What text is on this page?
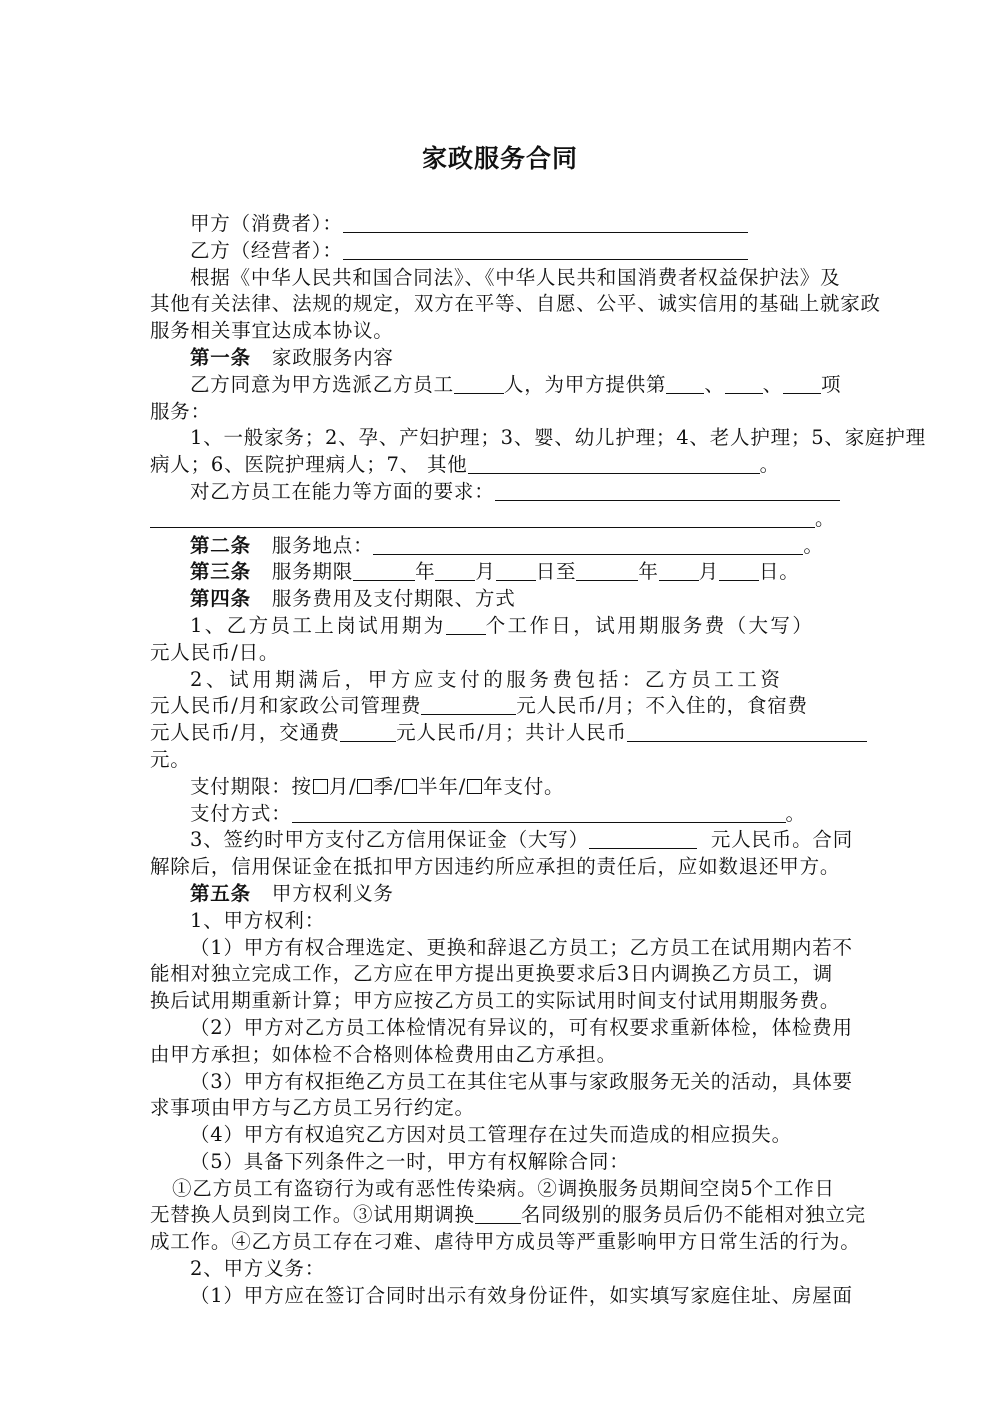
家政服务合同
甲方（消费者）：
乙方（经营者）：
根据《中华人民共和国合同法》、《中华人民共和国消费者权益保护法》及
其他有关法律、法规的规定，双方在平等、自愿、公平、诚实信用的基础上就家政
服务相关事宜达成本协议。
第一条 家政服务内容
乙方同意为甲方选派乙方员工	人，为甲方提供第 、 、 项
服务：
1、一般家务；2、孕、产妇护理；3、婴、幼儿护理；4、老人护理；5、家庭护理
病人；6、医院护理病人；7、 其他	。
对乙方员工在能力等方面的要求：
。
第二条 服务地点：	。
第三条 服务期限	年 月 日至	年 月 日。
第四条 服务费用及支付期限、方式
1、乙方员工上岗试用期为 个工作日，试用期服务费（大写）
元人民币/日。
2、试用期满后，甲方应支付的服务费包括：乙方员工工资
元人民币/月和家政公司管理费	元人民币/月；不入住的，食宿费
元人民币/月，交通费	元人民币/月；共计人民币
元。
支付期限：按 月/ 季/ 半年/ 年支付。
支付方式：	。
3、签约时甲方支付乙方信用保证金（大写）	元人民币。合同
解除后，信用保证金在抵扣甲方因违约所应承担的责任后，应如数退还甲方。
第五条 甲方权利义务
1、甲方权利：
（1）甲方有权合理选定、更换和辞退乙方员工；乙方员工在试用期内若不
能相对独立完成工作，乙方应在甲方提出更换要求后3日内调换乙方员工，调
换后试用期重新计算；甲方应按乙方员工的实际试用时间支付试用期服务费。
（2）甲方对乙方员工体检情况有异议的，可有权要求重新体检，体检费用
由甲方承担；如体检不合格则体检费用由乙方承担。
（3）甲方有权拒绝乙方员工在其住宅从事与家政服务无关的活动，具体要
求事项由甲方与乙方员工另行约定。
（4）甲方有权追究乙方因对员工管理存在过失而造成的相应损失。
（5）具备下列条件之一时，甲方有权解除合同：
①乙方员工有盗窃行为或有恶性传染病。②调换服务员期间空岗5个工作日
无替换人员到岗工作。③试用期调换 名同级别的服务员后仍不能相对独立完
成工作。④乙方员工存在刁难、虐待甲方成员等严重影响甲方日常生活的行为。
2、甲方义务：
（1）甲方应在签订合同时出示有效身份证件，如实填写家庭住址、房屋面
